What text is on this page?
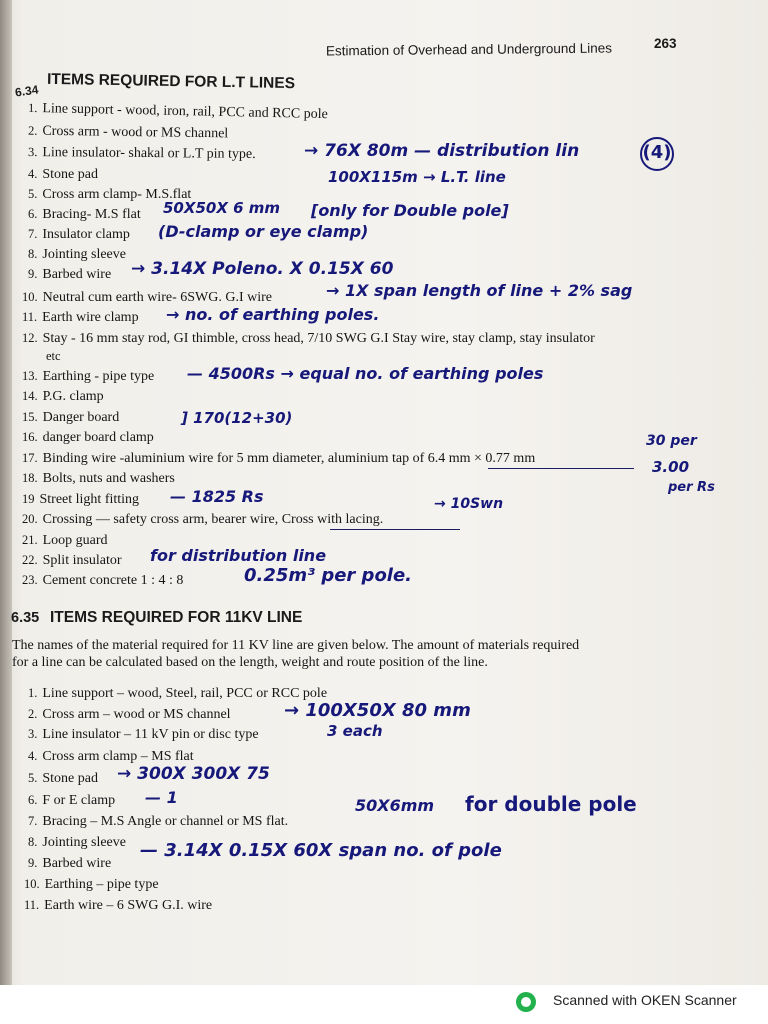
Estimation of Overhead and Underground Lines	263
6.34 ITEMS REQUIRED FOR L.T LINES
1. Line support - wood, iron, rail, PCC and RCC pole
2. Cross arm - wood or MS channel
3. Line insulator- shakal or L.T pin type.
4. Stone pad
5. Cross arm clamp- M.S.flat
6. Bracing- M.S flat
7. Insulator clamp
8. Jointing sleeve
9. Barbed wire
10. Neutral cum earth wire- 6SWG. G.I wire
11. Earth wire clamp
12. Stay - 16 mm stay rod, GI thimble, cross head, 7/10 SWG G.I Stay wire, stay clamp, stay insulator
etc
13. Earthing - pipe type
14. P.G. clamp
15. Danger board
16. danger board clamp
17. Binding wire -aluminium wire for 5 mm diameter, aluminium tap of 6.4 mm × 0.77 mm
18. Bolts, nuts and washers
19 Street light fitting
20. Crossing — safety cross arm, bearer wire, Cross with lacing.
21. Loop guard
22. Split insulator
23. Cement concrete 1 : 4 : 8
6.35 ITEMS REQUIRED FOR 11KV LINE
The names of the material required for 11 KV line are given below. The amount of materials required
for a line can be calculated based on the length, weight and route position of the line.
1. Line support – wood, Steel, rail, PCC or RCC pole
2. Cross arm – wood or MS channel
3. Line insulator – 11 kV pin or disc type
4. Cross arm clamp – MS flat
5. Stone pad
6. F or E clamp
7. Bracing – M.S Angle or channel or MS flat.
8. Jointing sleeve
9. Barbed wire
10. Earthing – pipe type
11. Earth wire – 6 SWG G.I. wire
→ 76X 80m — distribution lin
100X115m → L.T. line
(4)
50X50X 6 mm [only for Double pole]
(D-clamp or eye clamp)
→ 3.14X Poleno. X 0.15X 60
→ 1X span length of line + 2% sag
→ no. of earthing poles.
— 4500Rs → equal no. of earthing poles
] 170(12+30)
30 per
3.00
per Rs
— 1825 Rs	→ 10Swn
for distribution line
0.25m³ per pole.
→ 100X50X 80 mm
3 each
→ 300X 300X 75
— 1	50X6mm for double pole
— 3.14X 0.15X 60X span no. of pole
Scanned with OKEN Scanner
